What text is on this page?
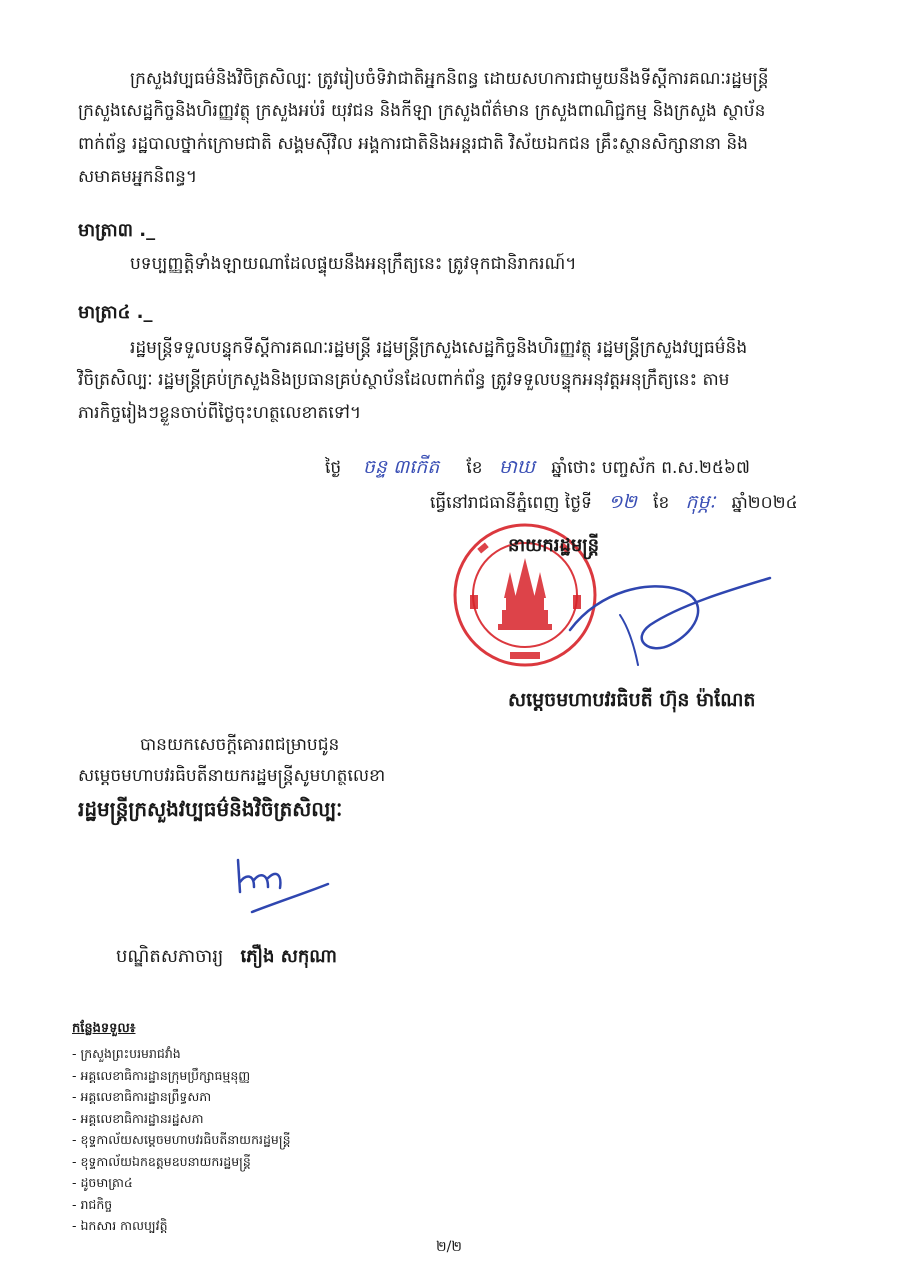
ក្រសួងវប្បធម៌និងវិចិត្រសិល្បៈ ត្រូវរៀបចំទិវាជាតិអ្នកនិពន្ធ ដោយសហការជាមួយនឹងទីស្ដីការគណៈរដ្ឋមន្ត្រី
ក្រសួងសេដ្ឋកិច្ចនិងហិរញ្ញវត្ថុ ក្រសួងអប់រំ យុវជន និងកីឡា ក្រសួងព័ត៌មាន ក្រសួងពាណិជ្ជកម្ម និងក្រសួង ស្ថាប័ន
ពាក់ព័ន្ធ រដ្ឋបាលថ្នាក់ក្រោមជាតិ សង្គមស៊ីវិល អង្គការជាតិនិងអន្តរជាតិ វិស័យឯកជន គ្រឹះស្ថានសិក្សានានា និង
សមាគមអ្នកនិពន្ធ។
មាត្រា៣ ._
បទប្បញ្ញត្តិទាំងឡាយណាដែលផ្ទុយនឹងអនុក្រឹត្យនេះ ត្រូវទុកជានិរាករណ៍។
មាត្រា៤ ._
រដ្ឋមន្ត្រីទទួលបន្ទុកទីស្ដីការគណៈរដ្ឋមន្ត្រី រដ្ឋមន្ត្រីក្រសួងសេដ្ឋកិច្ចនិងហិរញ្ញវត្ថុ រដ្ឋមន្ត្រីក្រសួងវប្បធម៌និង
វិចិត្រសិល្បៈ រដ្ឋមន្ត្រីគ្រប់ក្រសួងនិងប្រធានគ្រប់ស្ថាប័នដែលពាក់ព័ន្ធ ត្រូវទទួលបន្ទុកអនុវត្តអនុក្រឹត្យនេះ តាម
ភារកិច្ចរៀងៗខ្លួនចាប់ពីថ្ងៃចុះហត្ថលេខាតទៅ។
ថ្ងៃ ចន្ទ ៣កើត ខែ មាឃ ឆ្នាំថោះ បញ្ចស័ក ព.ស.២៥៦៧
ធ្វើនៅរាជធានីភ្នំពេញ ថ្ងៃទី ១២ ខែ កុម្ភៈ ឆ្នាំ២០២៤
នាយករដ្ឋមន្ត្រី
សម្ដេចមហាបវរធិបតី ហ៊ុន ម៉ាណែត
បានយកសេចក្ដីគោរពជម្រាបជូន
សម្ដេចមហាបវរធិបតីនាយករដ្ឋមន្ត្រីសូមហត្ថលេខា
រដ្ឋមន្ត្រីក្រសួងវប្បធម៌និងវិចិត្រសិល្បៈ
បណ្ឌិតសភាចារ្យ ភឿង សកុណា
កន្លែងទទួល៖
- ក្រសួងព្រះបរមរាជវាំង
- អគ្គលេខាធិការដ្ឋានក្រុមប្រឹក្សាធម្មនុញ្ញ
- អគ្គលេខាធិការដ្ឋានព្រឹទ្ធសភា
- អគ្គលេខាធិការដ្ឋានរដ្ឋសភា
- ខុទ្ទកាល័យសម្ដេចមហាបវរធិបតីនាយករដ្ឋមន្ត្រី
- ខុទ្ទកាល័យឯកឧត្តមឧបនាយករដ្ឋមន្ត្រី
- ដូចមាត្រា៤
- រាជកិច្ច
- ឯកសារ កាលប្បវត្តិ
២/២
